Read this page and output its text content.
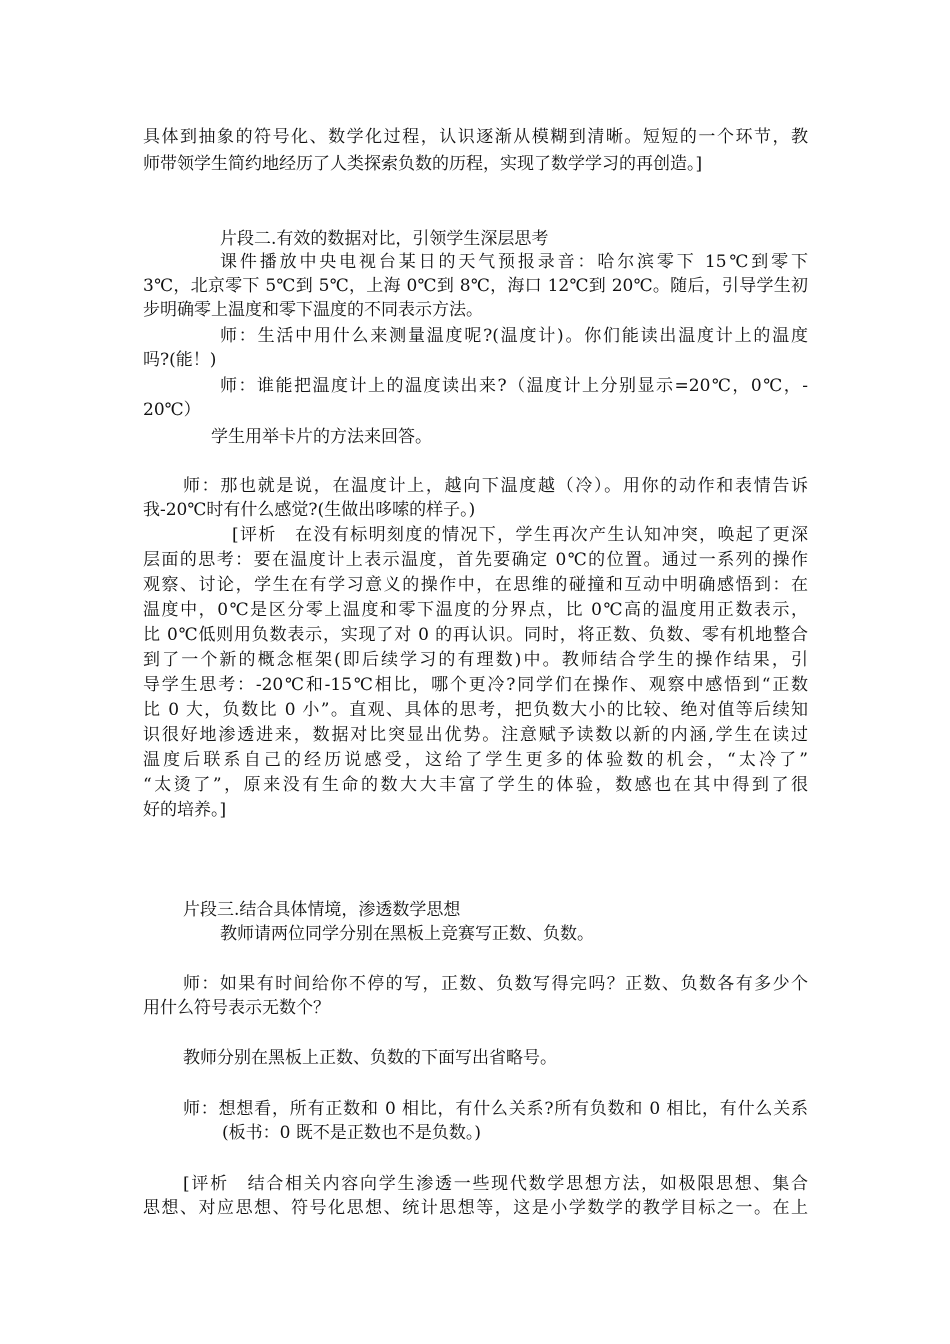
具体到抽象的符号化、数学化过程，认识逐渐从模糊到清晰。短短的一个环节，教
师带领学生简约地经历了人类探索负数的历程，实现了数学学习的再创造。]
片段二.有效的数据对比，引领学生深层思考
课件播放中央电视台某日的天气预报录音：哈尔滨零下 15℃到零下
3℃，北京零下 5℃到 5℃，上海 0℃到 8℃，海口 12℃到 20℃。随后，引导学生初
步明确零上温度和零下温度的不同表示方法。
师：生活中用什么来测量温度呢?(温度计)。你们能读出温度计上的温度
吗?(能！)
师：谁能把温度计上的温度读出来?（温度计上分别显示=20℃，0℃，-
20℃）
学生用举卡片的方法来回答。
师：那也就是说，在温度计上，越向下温度越（冷）。用你的动作和表情告诉
我-20℃时有什么感觉?(生做出哆嗦的样子。)
[评析　在没有标明刻度的情况下，学生再次产生认知冲突，唤起了更深
层面的思考：要在温度计上表示温度，首先要确定 0℃的位置。通过一系列的操作
观察、讨论，学生在有学习意义的操作中，在思维的碰撞和互动中明确感悟到：在
温度中，0℃是区分零上温度和零下温度的分界点，比 0℃高的温度用正数表示，
比 0℃低则用负数表示，实现了对 0 的再认识。同时，将正数、负数、零有机地整合
到了一个新的概念框架(即后续学习的有理数)中。教师结合学生的操作结果，引
导学生思考：-20℃和-15℃相比，哪个更冷?同学们在操作、观察中感悟到“正数
比 0 大，负数比 0 小”。直观、具体的思考，把负数大小的比较、绝对值等后续知
识很好地渗透进来，数据对比突显出优势。注意赋予读数以新的内涵,学生在读过
温度后联系自己的经历说感受，这给了学生更多的体验数的机会，“太冷了”
“太烫了”，原来没有生命的数大大丰富了学生的体验，数感也在其中得到了很
好的培养。]
片段三.结合具体情境，渗透数学思想
教师请两位同学分别在黑板上竞赛写正数、负数。
师：如果有时间给你不停的写，正数、负数写得完吗？正数、负数各有多少个
用什么符号表示无数个？
教师分别在黑板上正数、负数的下面写出省略号。
师：想想看，所有正数和 0 相比，有什么关系?所有负数和 0 相比，有什么关系
(板书：0 既不是正数也不是负数。)
[评析　结合相关内容向学生渗透一些现代数学思想方法，如极限思想、集合
思想、对应思想、符号化思想、统计思想等，这是小学数学的教学目标之一。在上
